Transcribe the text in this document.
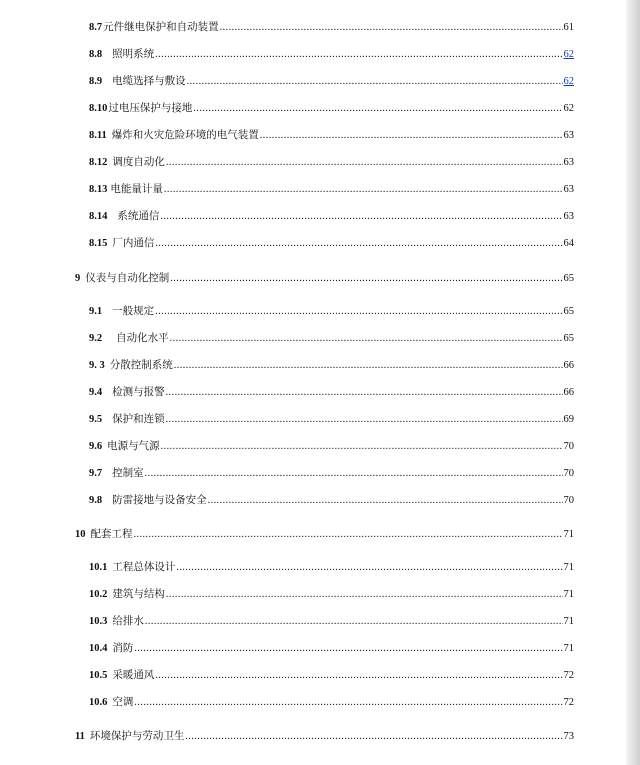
8.7 元件继电保护和自动装置 .....	61
8.8 照明系统 .....	62
8.9 电缆选择与敷设 .....	62
8.10 过电压保护与接地 .....	62
8.11 爆炸和火灾危险环境的电气装置 .....	63
8.12 调度自动化 .....	63
8.13 电能量计量 .....	63
8.14 系统通信 .....	63
8.15 厂内通信 .....	64
9 仪表与自动化控制 .....	65
9.1 一般规定 .....	65
9.2 自动化水平 .....	65
9. 3 分散控制系统 .....	66
9.4 检测与报警 .....	66
9.5 保护和连锁 .....	69
9.6 电源与气源 .....	70
9.7 控制室 .....	70
9.8 防雷接地与设备安全 .....	70
10 配套工程 .....	71
10.1 工程总体设计 .....	71
10.2 建筑与结构 .....	71
10.3 给排水 .....	71
10.4 消防 .....	71
10.5 采暖通风 .....	72
10.6 空调 .....	72
11 环境保护与劳动卫生 .....	73
